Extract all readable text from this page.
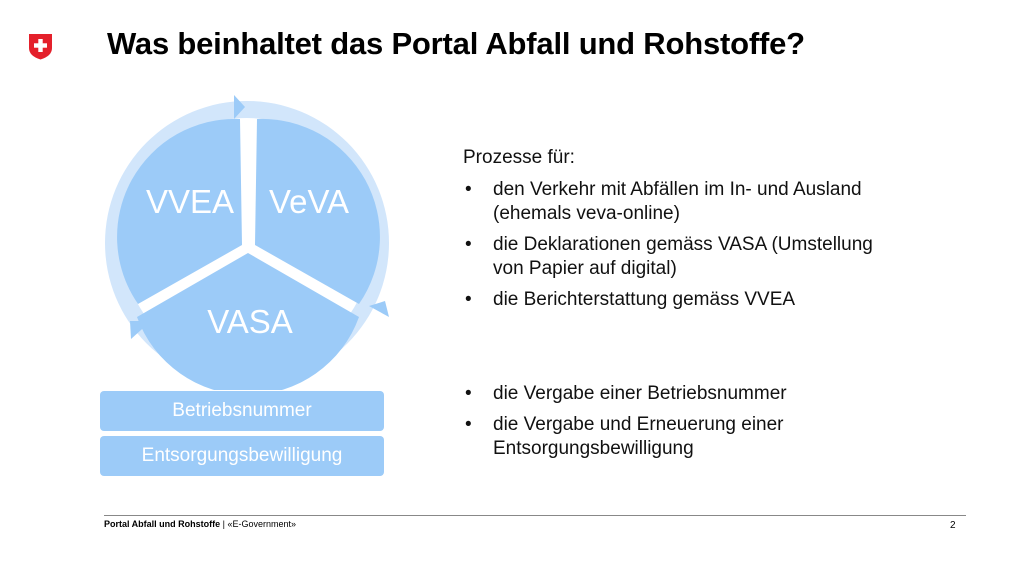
Was beinhaltet das Portal Abfall und Rohstoffe?
VVEA VeVA
VASA
Betriebsnummer
Entsorgungsbewilligung

Prozesse für:

• den Verkehr mit Abfällen im In- und Ausland (ehemals veva-online)
• die Deklarationen gemäss VASA (Umstellung von Papier auf digital)
• die Berichterstattung gemäss VVEA
• die Vergabe einer Betriebsnummer
• die Vergabe und Erneuerung einer Entsorgungsbewilligung
Portal Abfall und Rohstoffe | «E-Government»	2
